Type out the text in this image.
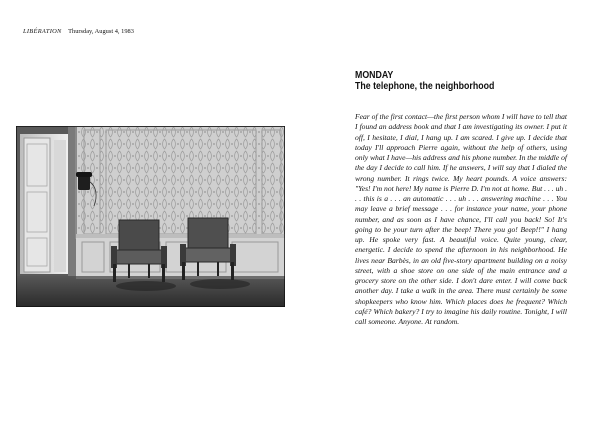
LIBÉRATION Thursday, August 4, 1983
MONDAY
The telephone, the neighborhood
Fear of the first contact—the first person whom I will have to tell that I found an address book and that I am investigating its owner. I put it off, I hesitate, I dial, I hang up. I am scared. I give up. I decide that today I'll approach Pierre again, without the help of others, using only what I have—his address and his phone number. In the middle of the day I decide to call him. If he answers, I will say that I dialed the wrong number. It rings twice. My heart pounds. A voice answers: "Yes! I'm not here! My name is Pierre D. I'm not at home. But . . . uh . . . this is a . . . an automatic . . . uh . . . answering machine . . . You may leave a brief message . . . for instance your name, your phone number, and as soon as I have chance, I'll call you back! So! It's going to be your turn after the beep! There you go! Beep!!" I hang up. He spoke very fast. A beautiful voice. Quite young, clear, energetic. I decide to spend the afternoon in his neighborhood. He lives near Barbès, in an old five-story apartment building on a noisy street, with a shoe store on one side of the main entrance and a grocery store on the other side. I don't dare enter. I will come back another day. I take a walk in the area. There must certainly be some shopkeepers who know him. Which places does he frequent? Which café? Which bakery? I try to imagine his daily routine. Tonight, I will call someone. Anyone. At random.
